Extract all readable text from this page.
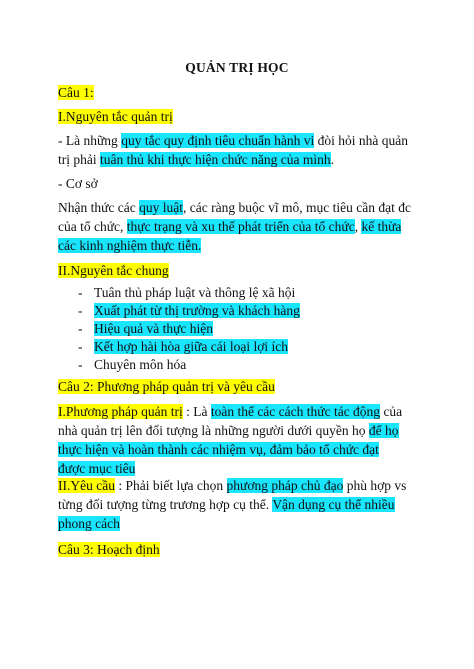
QUẢN TRỊ HỌC
Câu 1:
I.Nguyên tắc quản trị
- Là những quy tắc quy định tiêu chuẩn hành vi đòi hỏi nhà quản
trị phải tuân thủ khi thực hiện chức năng của mình.
- Cơ sở
Nhận thức các quy luật, các ràng buộc vĩ mô, mục tiêu cần đạt đc
của tổ chức, thực trạng và xu thế phát triển của tổ chức, kế thừa
các kinh nghiệm thực tiễn.
II.Nguyên tắc chung
- Tuân thủ pháp luật và thông lệ xã hội
- Xuất phát từ thị trường và khách hàng
- Hiệu quả và thực hiện
- Kết hợp hài hòa giữa cái loại lợi ích
- Chuyên môn hóa
Câu 2: Phương pháp quản trị và yêu cầu
I.Phương pháp quản trị : Là toàn thể các cách thức tác động của
nhà quản trị lên đối tượng là những người dưới quyền họ để họ
thực hiện và hoàn thành các nhiệm vụ, đảm bảo tổ chức đạt
được mục tiêu
II.Yêu cầu : Phải biết lựa chọn phương pháp chủ đạo phù hợp vs
từng đối tượng từng trương hợp cụ thể. Vận dụng cụ thể nhiều
phong cách
Câu 3: Hoạch định
